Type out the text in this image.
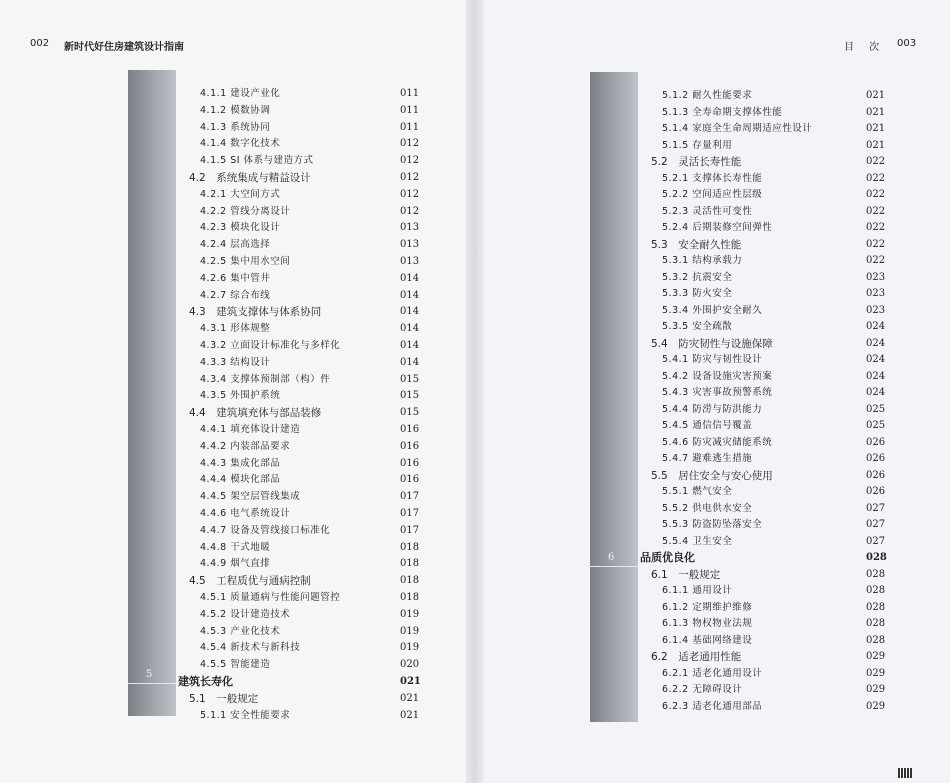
002 新时代好住房建筑设计指南	目 次 003
5
6
4.1.1 建设产业化	011
4.1.2 模数协调	011
4.1.3 系统协同	011
4.1.4 数字化技术	012
4.1.5 SI 体系与建造方式	012
4.2　系统集成与精益设计	012
4.2.1 大空间方式	012
4.2.2 管线分离设计	012
4.2.3 模块化设计	013
4.2.4 层高选择	013
4.2.5 集中用水空间	013
4.2.6 集中管井	014
4.2.7 综合布线	014
4.3　建筑支撑体与体系协同	014
4.3.1 形体规整	014
4.3.2 立面设计标准化与多样化	014
4.3.3 结构设计	014
4.3.4 支撑体预制部（构）件	015
4.3.5 外围护系统	015
4.4　建筑填充体与部品装修	015
4.4.1 填充体设计建造	016
4.4.2 内装部品要求	016
4.4.3 集成化部品	016
4.4.4 模块化部品	016
4.4.5 架空层管线集成	017
4.4.6 电气系统设计	017
4.4.7 设备及管线接口标准化	017
4.4.8 干式地暖	018
4.4.9 烟气直排	018
4.5　工程质优与通病控制	018
4.5.1 质量通病与性能问题管控	018
4.5.2 设计建造技术	019
4.5.3 产业化技术	019
4.5.4 新技术与新科技	019
4.5.5 智能建造	020
建筑长寿化	021
5.1　一般规定	021
5.1.1 安全性能要求	021
5.1.2 耐久性能要求	021
5.1.3 全寿命期支撑体性能	021
5.1.4 家庭全生命周期适应性设计	021
5.1.5 存量利用	021
5.2　灵活长寿性能	022
5.2.1 支撑体长寿性能	022
5.2.2 空间适应性层级	022
5.2.3 灵活性可变性	022
5.2.4 后期装修空间弹性	022
5.3　安全耐久性能	022
5.3.1 结构承载力	022
5.3.2 抗震安全	023
5.3.3 防火安全	023
5.3.4 外围护安全耐久	023
5.3.5 安全疏散	024
5.4　防灾韧性与设施保障	024
5.4.1 防灾与韧性设计	024
5.4.2 设备设施灾害预案	024
5.4.3 灾害事故预警系统	024
5.4.4 防涝与防洪能力	025
5.4.5 通信信号覆盖	025
5.4.6 防灾减灾储能系统	026
5.4.7 避难逃生措施	026
5.5　居住安全与安心使用	026
5.5.1 燃气安全	026
5.5.2 供电供水安全	027
5.5.3 防盗防坠落安全	027
5.5.4 卫生安全	027
品质优良化	028
6.1　一般规定	028
6.1.1 通用设计	028
6.1.2 定期维护维修	028
6.1.3 物权物业法规	028
6.1.4 基础网络建设	028
6.2　适老通用性能	029
6.2.1 适老化通用设计	029
6.2.2 无障碍设计	029
6.2.3 适老化通用部品	029
